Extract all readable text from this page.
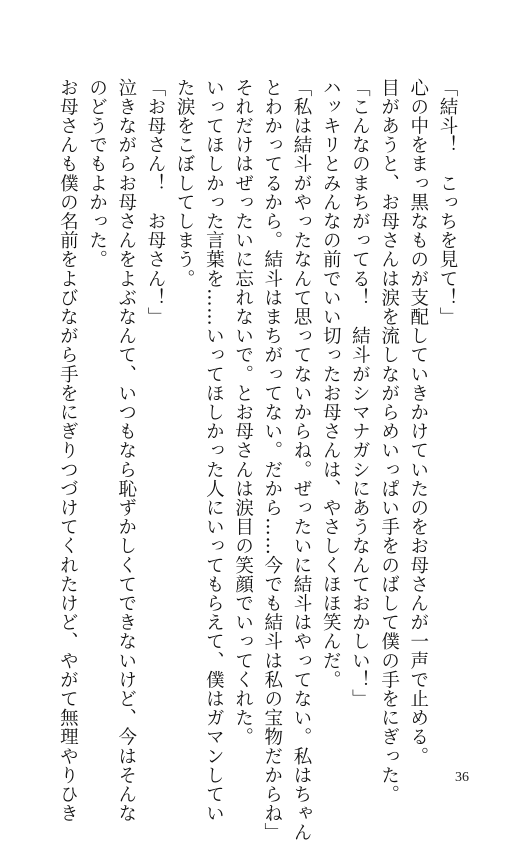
「結斗！　こっちを見て！」
心の中をまっ黒なものが支配していきかけていたのをお母さんが一声で止める。
目があうと、お母さんは涙を流しながらめいっぱい手をのばして僕の手をにぎった。
「こんなのまちがってる！　結斗がシマナガシにあうなんておかしい！」
ハッキリとみんなの前でいい切ったお母さんは、やさしくほほ笑んだ。
「私は結斗がやったなんて思ってないからね。ぜったいに結斗はやってない。私はちゃん
とわかってるから。結斗はまちがってない。だから……今でも結斗は私の宝物だからね」
それだけはぜったいに忘れないで。とお母さんは涙目の笑顔でいってくれた。
いってほしかった言葉を……いってほしかった人にいってもらえて、僕はガマンしてい
た涙をこぼしてしまう。
「お母さん！　お母さん！」
泣きながらお母さんをよぶなんて、いつもなら恥ずかしくてできないけど、今はそんな
のどうでもよかった。
お母さんも僕の名前をよびながら手をにぎりつづけてくれたけど、やがて無理やりひき	36
